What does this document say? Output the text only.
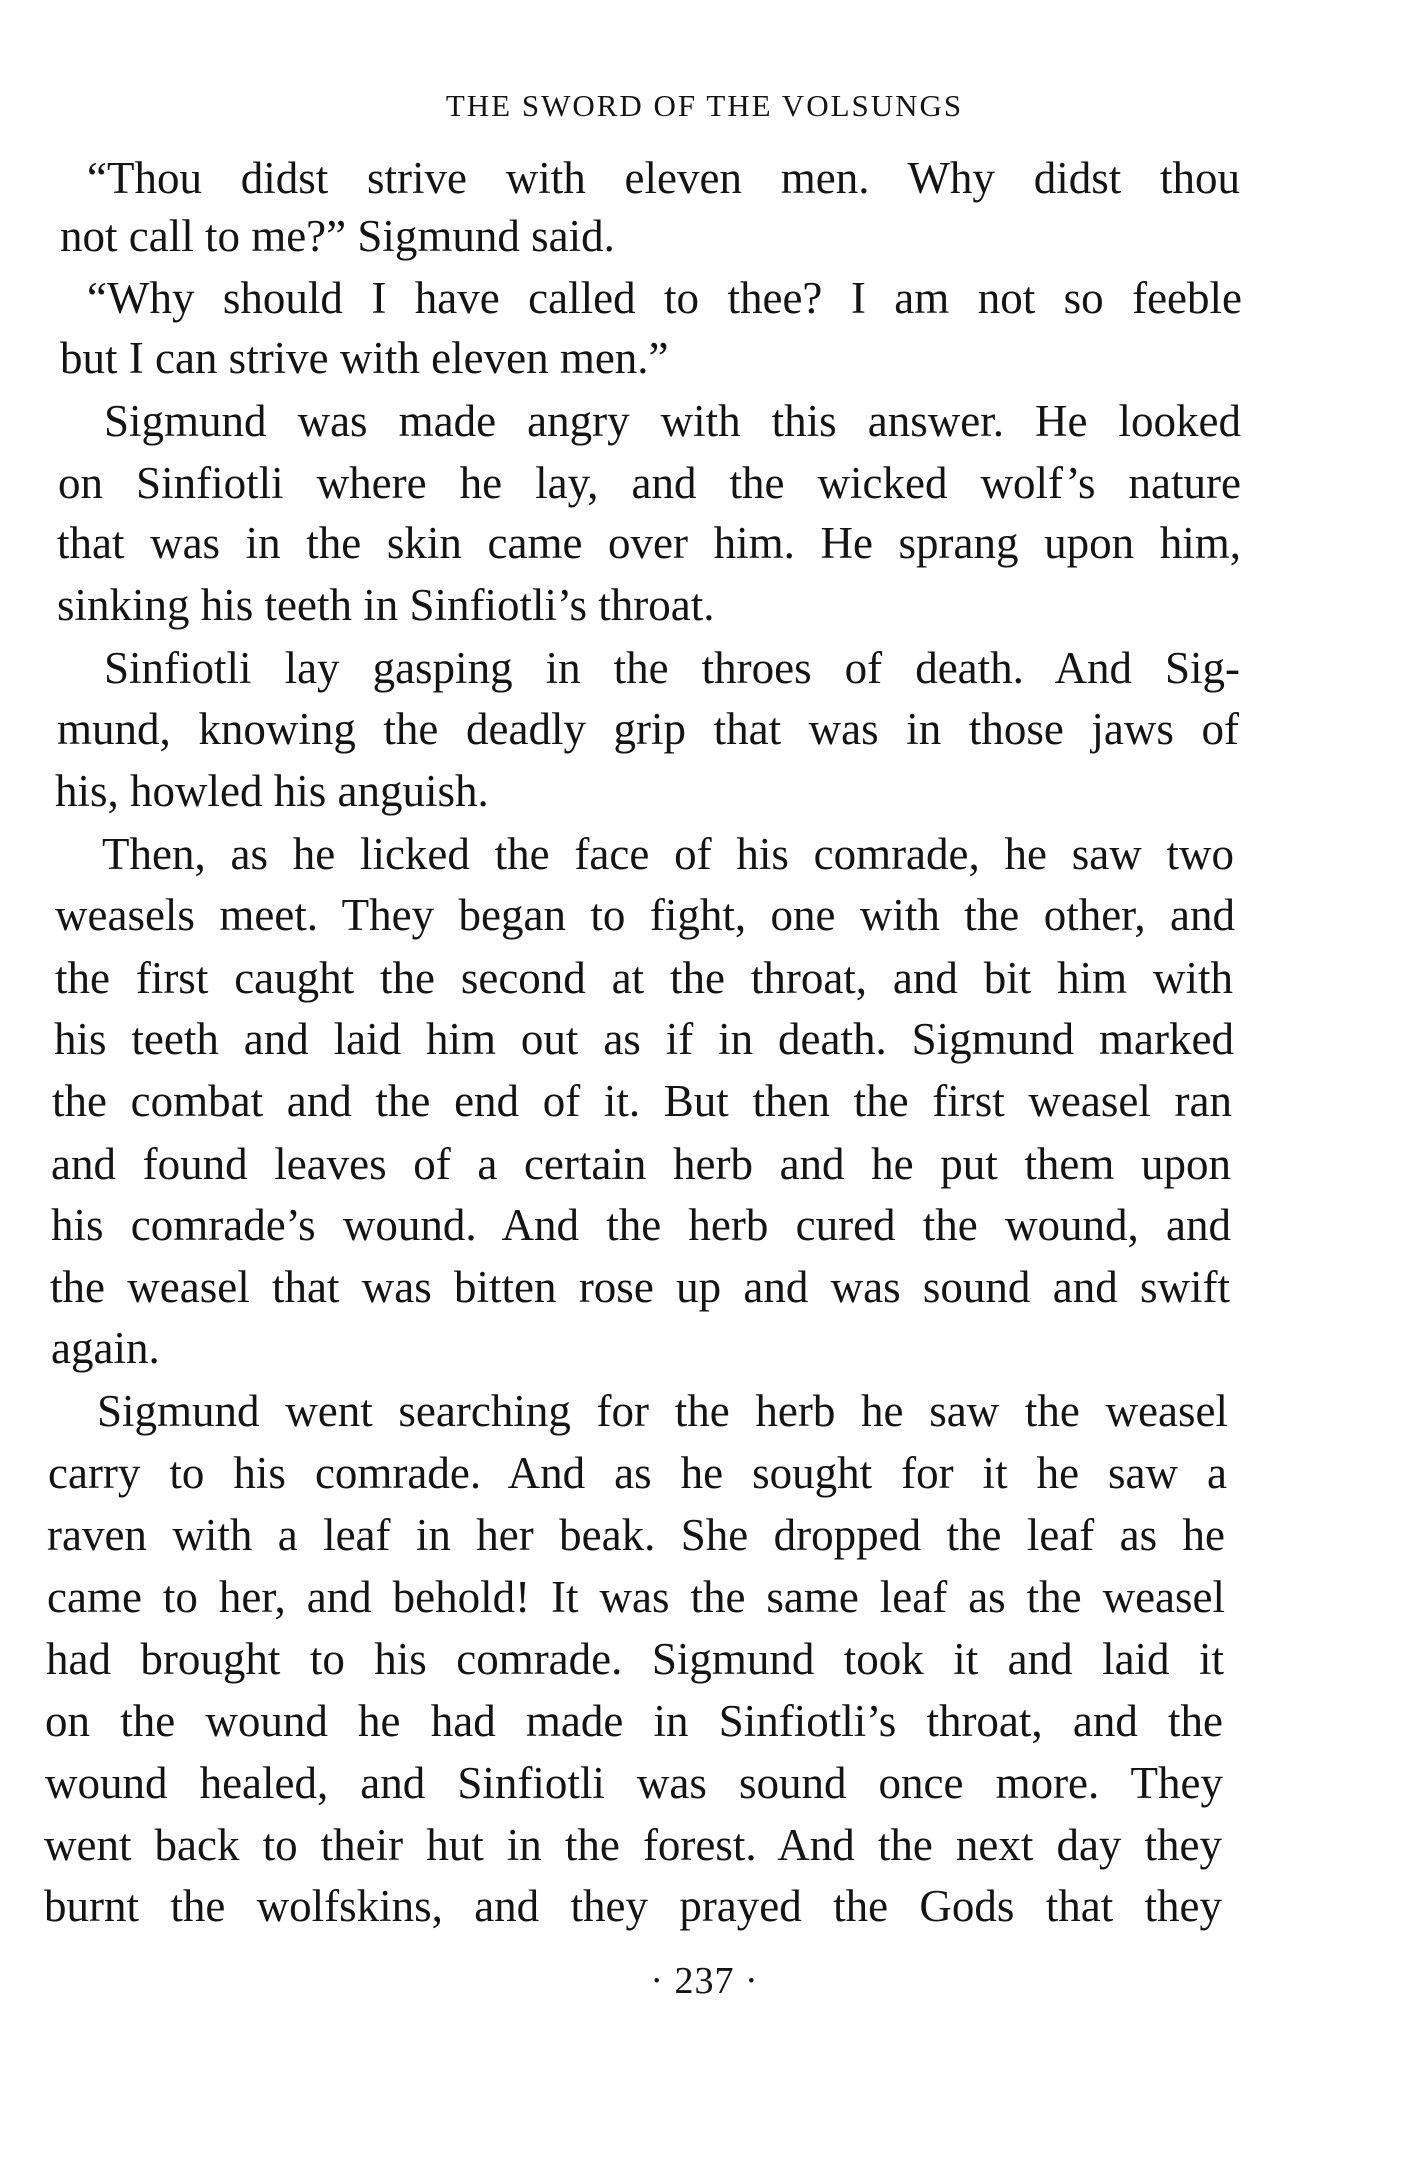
THE SWORD OF THE VOLSUNGS
“Thou didst strive with eleven men. Why didst thou
not call to me?” Sigmund said.
“Why should I have called to thee? I am not so feeble
but I can strive with eleven men.”
Sigmund was made angry with this answer. He looked
on Sinfiotli where he lay, and the wicked wolf’s nature
that was in the skin came over him. He sprang upon him,
sinking his teeth in Sinfiotli’s throat.
Sinfiotli lay gasping in the throes of death. And Sig-
mund, knowing the deadly grip that was in those jaws of
his, howled his anguish.
Then, as he licked the face of his comrade, he saw two
weasels meet. They began to fight, one with the other, and
the first caught the second at the throat, and bit him with
his teeth and laid him out as if in death. Sigmund marked
the combat and the end of it. But then the first weasel ran
and found leaves of a certain herb and he put them upon
his comrade’s wound. And the herb cured the wound, and
the weasel that was bitten rose up and was sound and swift
again.
Sigmund went searching for the herb he saw the weasel
carry to his comrade. And as he sought for it he saw a
raven with a leaf in her beak. She dropped the leaf as he
came to her, and behold! It was the same leaf as the weasel
had brought to his comrade. Sigmund took it and laid it
on the wound he had made in Sinfiotli’s throat, and the
wound healed, and Sinfiotli was sound once more. They
went back to their hut in the forest. And the next day they
burnt the wolfskins, and they prayed the Gods that they
· 237 ·
